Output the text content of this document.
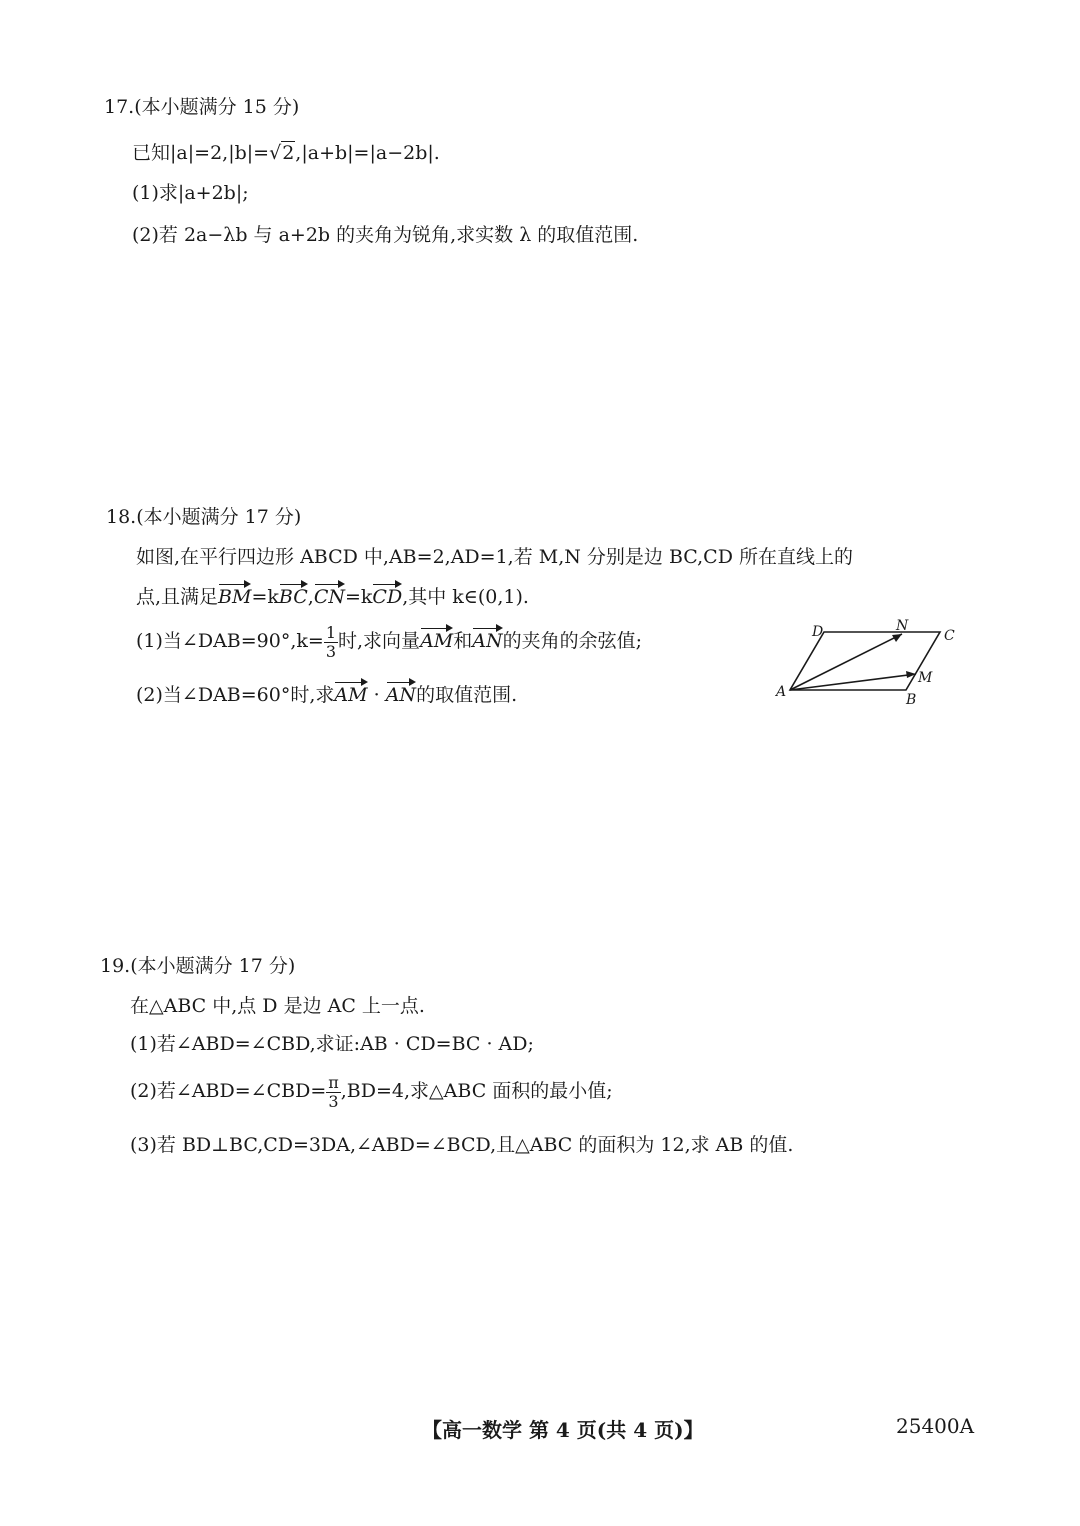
17.(本小题满分 15 分)
已知|a|=2,|b|=√2,|a+b|=|a−2b|.
(1)求|a+2b|;
(2)若 2a−λb 与 a+2b 的夹角为锐角,求实数 λ 的取值范围.
18.(本小题满分 17 分)
如图,在平行四边形 ABCD 中,AB=2,AD=1,若 M,N 分别是边 BC,CD 所在直线上的
点,且满足BM=kBC,CN=kCD,其中 k∈(0,1).
(1)当∠DAB=90°,k= $\frac{1}{3}$ 时,求向量AM和AN的夹角的余弦值;
(2)当∠DAB=60°时,求AM · AN的取值范围.	A	B
C
D
M
N
19.(本小题满分 17 分)
在△ABC 中,点 D 是边 AC 上一点.
(1)若∠ABD=∠CBD,求证:AB · CD=BC · AD;
(2)若∠ABD=∠CBD= $\frac{\pi}{3} ,BD=4$,求△ABC 面积的最小值;
(3)若 BD⊥BC,CD=3DA,∠ABD=∠BCD,且△ABC 的面积为 12,求 AB 的值.
【高一数学 第 4 页(共 4 页)】	25400A
